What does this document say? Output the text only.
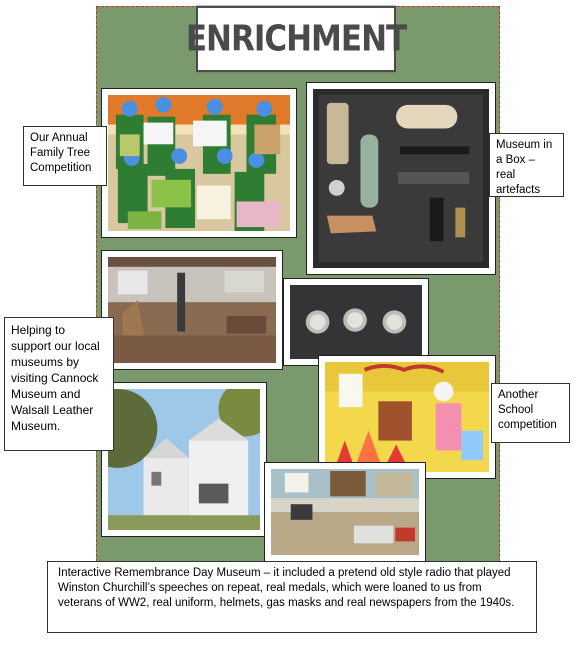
ENRICHMENT
Our Annual Family Tree Competition
Museum in a Box – real artefacts
Helping to support our local museums by visiting Cannock Museum and Walsall Leather Museum.
Another School competition
Interactive Remembrance Day Museum – it included a pretend old style radio that played Winston Churchill’s speeches on repeat, real medals, which were loaned to us from veterans of WW2, real uniform, helmets, gas masks and real newspapers from the 1940s.
